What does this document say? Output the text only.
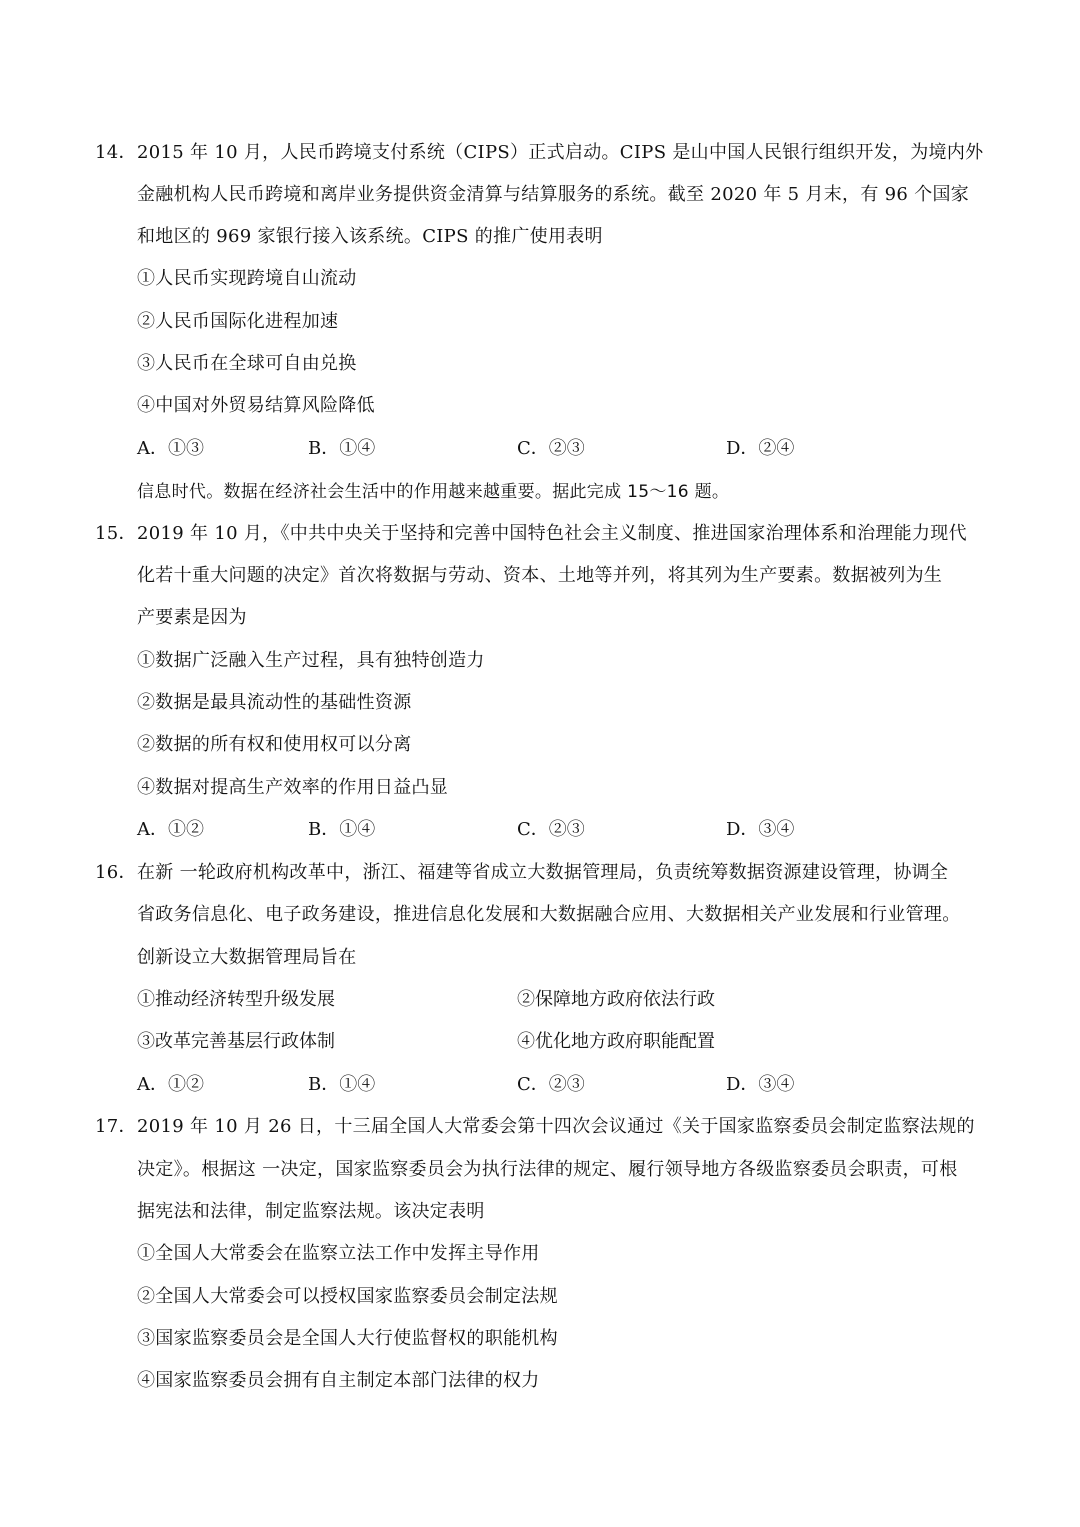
14．2015 年 10 月，人民币跨境支付系统（CIPS）正式启动。CIPS 是山中国人民银行组织开发，为境内外
金融机构人民币跨境和离岸业务提供资金清算与结算服务的系统。截至 2020 年 5 月末，有 96 个国家
和地区的 969 家银行接入该系统。CIPS 的推广使用表明
①人民币实现跨境自山流动
②人民币国际化进程加速
③人民币在全球可自由兑换
④中国对外贸易结算风险降低
A．①③	B．①④	C．②③	D．②④
信息时代。数据在经济社会生活中的作用越来越重要。据此完成 15～16 题。
15．2019 年 10 月，《中共中央关于坚持和完善中国特色社会主义制度、推进国家治理体系和治理能力现代
化若十重大问题的决定》首次将数据与劳动、资本、土地等并列，将其列为生产要素。数据被列为生
产要素是因为
①数据广泛融入生产过程，具有独特创造力
②数据是最具流动性的基础性资源
②数据的所有权和使用权可以分离
④数据对提高生产效率的作用日益凸显
A．①②	B．①④	C．②③	D．③④
16．在新 一轮政府机构改革中，浙江、福建等省成立大数据管理局，负责统筹数据资源建设管理，协调全
省政务信息化、电子政务建设，推进信息化发展和大数据融合应用、大数据相关产业发展和行业管理。
创新设立大数据管理局旨在
①推动经济转型升级发展	②保障地方政府依法行政
③改革完善基层行政体制	④优化地方政府职能配置
A．①②	B．①④	C．②③	D．③④
17．2019 年 10 月 26 日，十三届全国人大常委会第十四次会议通过《关于国家监察委员会制定监察法规的
决定》。根据这 一决定，国家监察委员会为执行法律的规定、履行领导地方各级监察委员会职责，可根
据宪法和法律，制定监察法规。该决定表明
①全国人大常委会在监察立法工作中发挥主导作用
②全国人大常委会可以授权国家监察委员会制定法规
③国家监察委员会是全国人大行使监督权的职能机构
④国家监察委员会拥有自主制定本部门法律的权力
